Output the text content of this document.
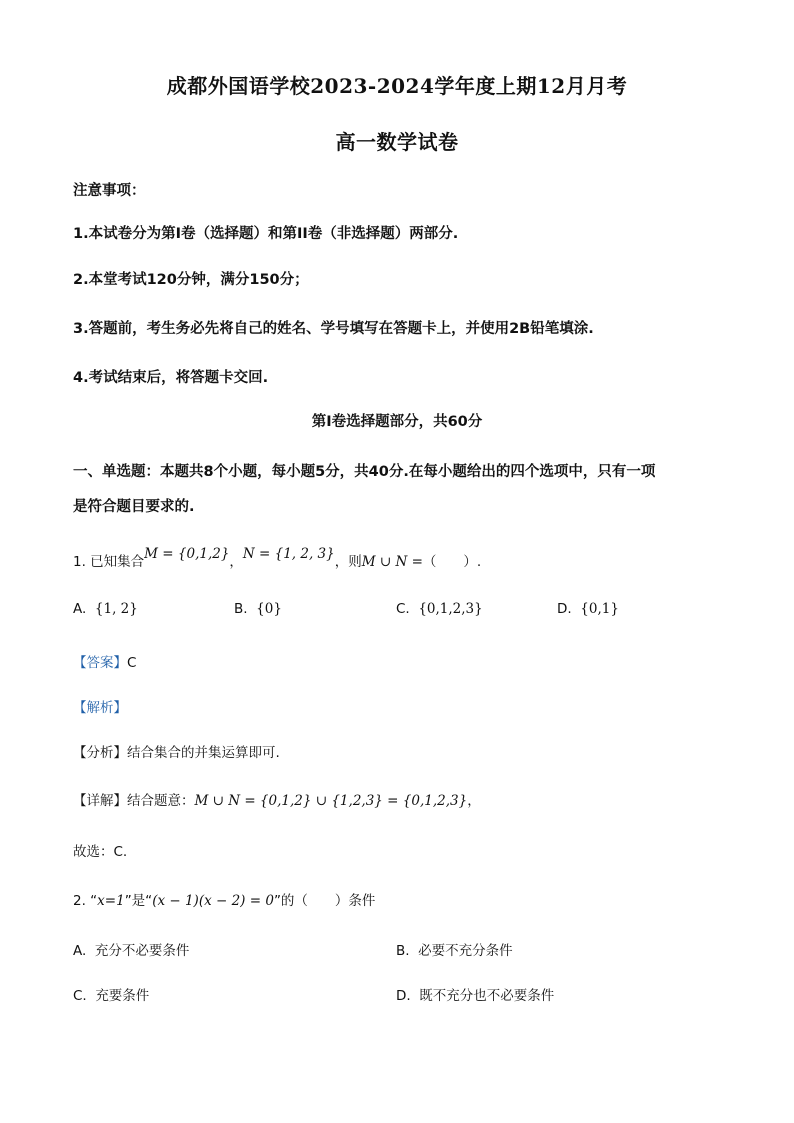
成都外国语学校2023-2024学年度上期12月月考
高一数学试卷
注意事项：
1.本试卷分为第I卷（选择题）和第II卷（非选择题）两部分.
2.本堂考试120分钟，满分150分；
3.答题前，考生务必先将自己的姓名、学号填写在答题卡上，并使用2B铅笔填涂.
4.考试结束后，将答题卡交回.
第I卷选择题部分，共60分
一、单选题：本题共8个小题，每小题5分，共40分.在每小题给出的四个选项中，只有一项
是符合题目要求的.
1. 已知集合M = {0,1,2}，N = {1, 2, 3}，则M ∪ N =（　　）.
A. {1, 2}	B. {0}	C. {0,1,2,3}	D. {0,1}
【答案】C
【解析】
【分析】结合集合的并集运算即可.
【详解】结合题意：M ∪ N = {0,1,2} ∪ {1,2,3} = {0,1,2,3}，
故选：C.
2. “x=1”是“(x − 1)(x − 2) = 0”的（　　）条件
A. 充分不必要条件	B. 必要不充分条件
C. 充要条件	D. 既不充分也不必要条件
